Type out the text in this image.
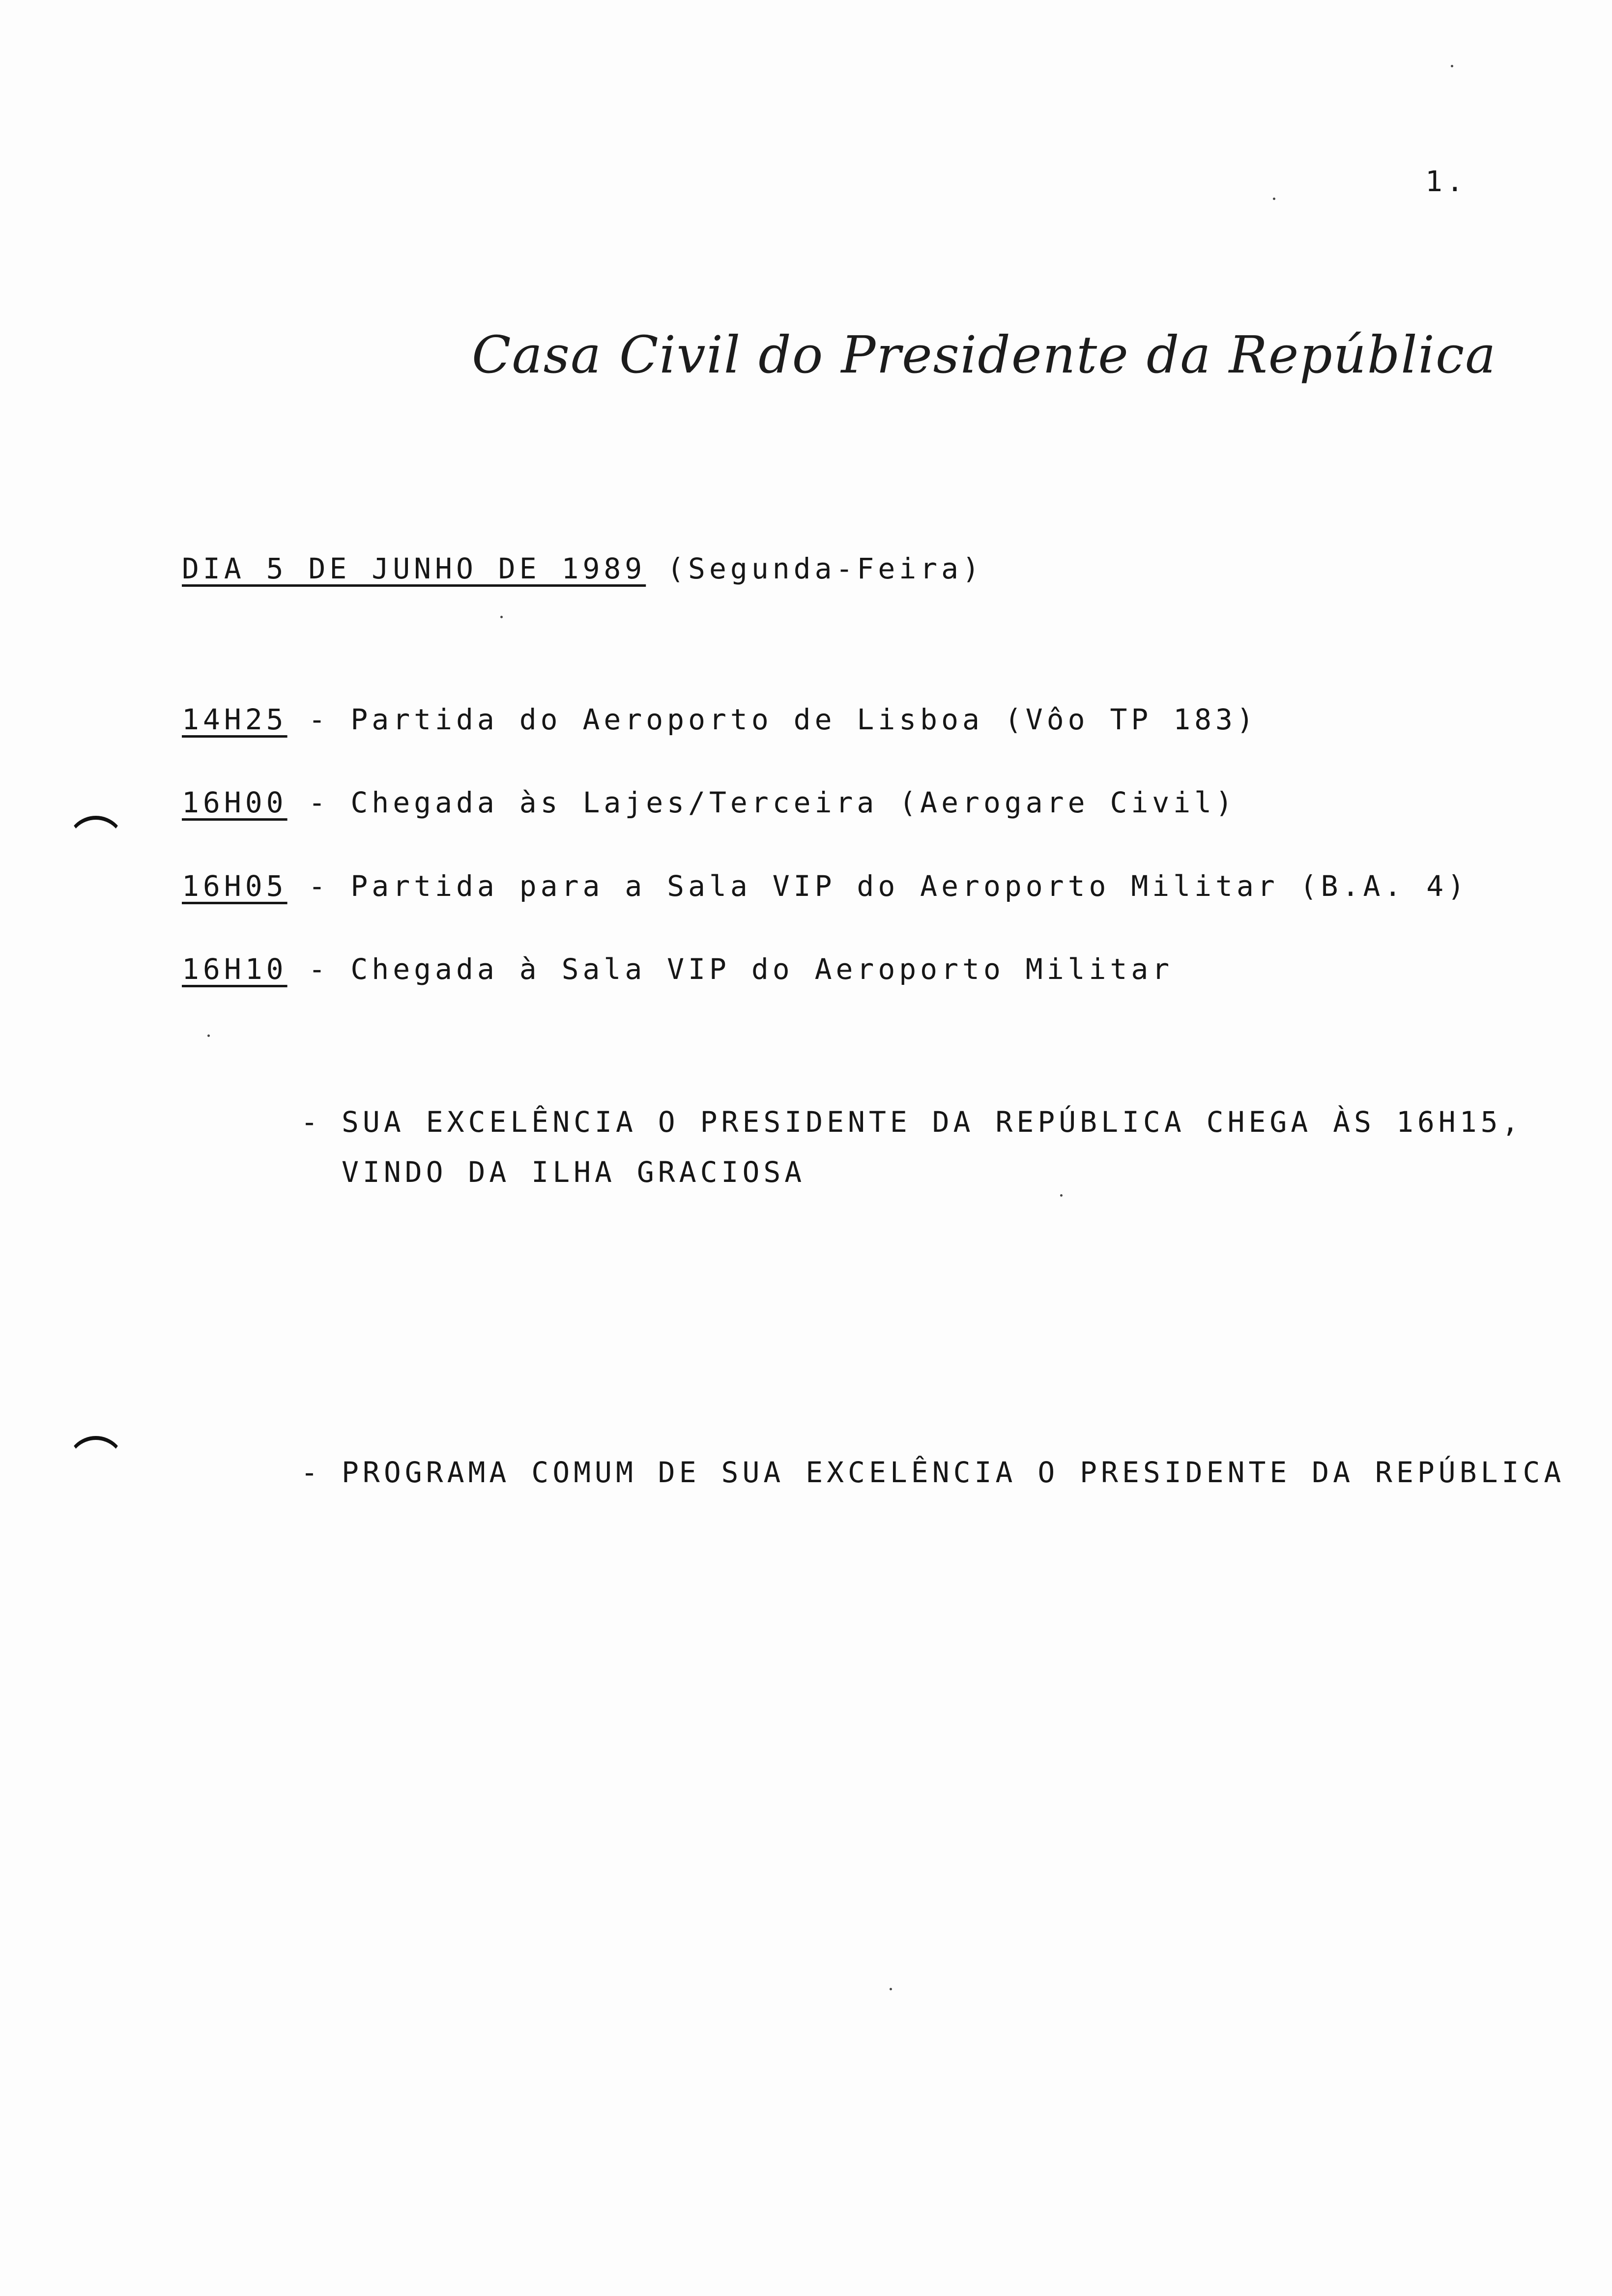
1.
Casa Civil do Presidente da República
DIA 5 DE JUNHO DE 1989 (Segunda-Feira)
14H25 - Partida do Aeroporto de Lisboa (Vôo TP 183)
16H00 - Chegada às Lajes/Terceira (Aerogare Civil)
16H05 - Partida para a Sala VIP do Aeroporto Militar (B.A. 4)
16H10 - Chegada à Sala VIP do Aeroporto Militar
- SUA EXCELÊNCIA O PRESIDENTE DA REPÚBLICA CHEGA ÀS 16H15,
VINDO DA ILHA GRACIOSA
- PROGRAMA COMUM DE SUA EXCELÊNCIA O PRESIDENTE DA REPÚBLICA
